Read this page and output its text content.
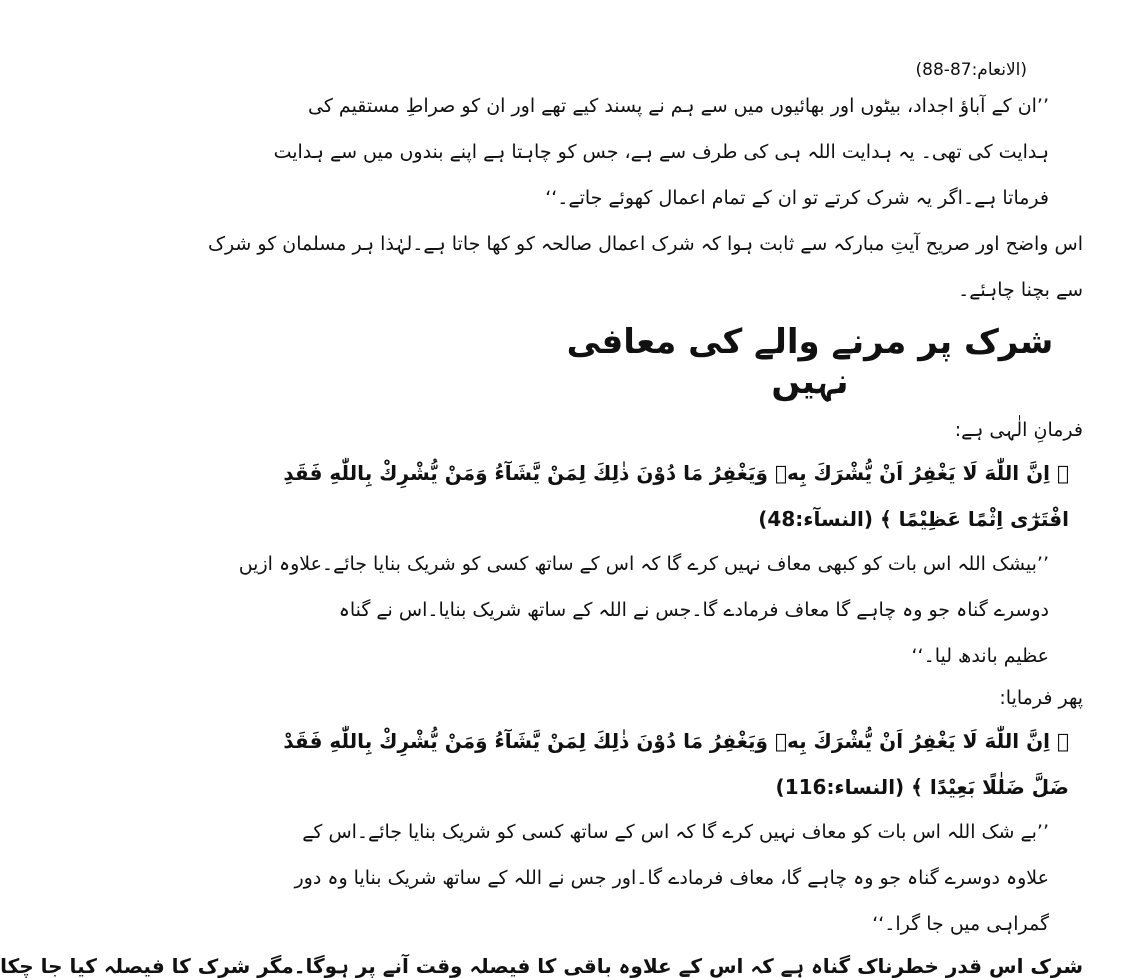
(الانعام:87-88)
’’ان کے آباؤ اجداد، بیٹوں اور بھائیوں میں سے ہم نے پسند کیے تھے اور ان کو صراطِ مستقیم کی
ہدایت کی تھی۔ یہ ہدایت اللہ ہی کی طرف سے ہے، جس کو چاہتا ہے اپنے بندوں میں سے ہدایت
فرماتا ہے۔اگر یہ شرک کرتے تو ان کے تمام اعمال کھوئے جاتے۔‘‘
اس واضح اور صریح آیتِ مبارکہ سے ثابت ہوا کہ شرک اعمال صالحہ کو کھا جاتا ہے۔لہٰذا ہر مسلمان کو شرک
سے بچنا چاہئے۔
شرک پر مرنے والے کی معافی نہیں
فرمانِ الٰہی ہے:
﴿ اِنَّ اللّٰهَ لَا يَغْفِرُ اَنْ يُّشْرَكَ بِهٖ وَيَغْفِرُ مَا دُوْنَ ذٰلِكَ لِمَنْ يَّشَآءُ وَمَنْ يُّشْرِكْ بِاللّٰهِ فَقَدِ
افْتَرٰٓى اِثْمًا عَظِيْمًا ﴾ (النسآء:48)
’’بیشک اللہ اس بات کو کبھی معاف نہیں کرے گا کہ اس کے ساتھ کسی کو شریک بنایا جائے۔علاوہ ازیں
دوسرے گناہ جو وہ چاہے گا معاف فرمادے گا۔جس نے اللہ کے ساتھ شریک بنایا۔اس نے گناہ
عظیم باندھ لیا۔‘‘
پھر فرمایا:
﴿ اِنَّ اللّٰهَ لَا يَغْفِرُ اَنْ يُّشْرَكَ بِهٖ وَيَغْفِرُ مَا دُوْنَ ذٰلِكَ لِمَنْ يَّشَآءُ وَمَنْ يُّشْرِكْ بِاللّٰهِ فَقَدْ
ضَلَّ ضَلٰلًا بَعِيْدًا ﴾ (النساء:116)
’’بے شک اللہ اس بات کو معاف نہیں کرے گا کہ اس کے ساتھ کسی کو شریک بنایا جائے۔اس کے
علاوہ دوسرے گناہ جو وہ چاہے گا، معاف فرمادے گا۔اور جس نے اللہ کے ساتھ شریک بنایا وہ دور
گمراہی میں جا گرا۔‘‘
شرک اس قدر خطرناک گناہ ہے کہ اس کے علاوہ باقی کا فیصلہ وقت آنے پر ہوگا۔مگر شرک کا فیصلہ کیا جا چکا
